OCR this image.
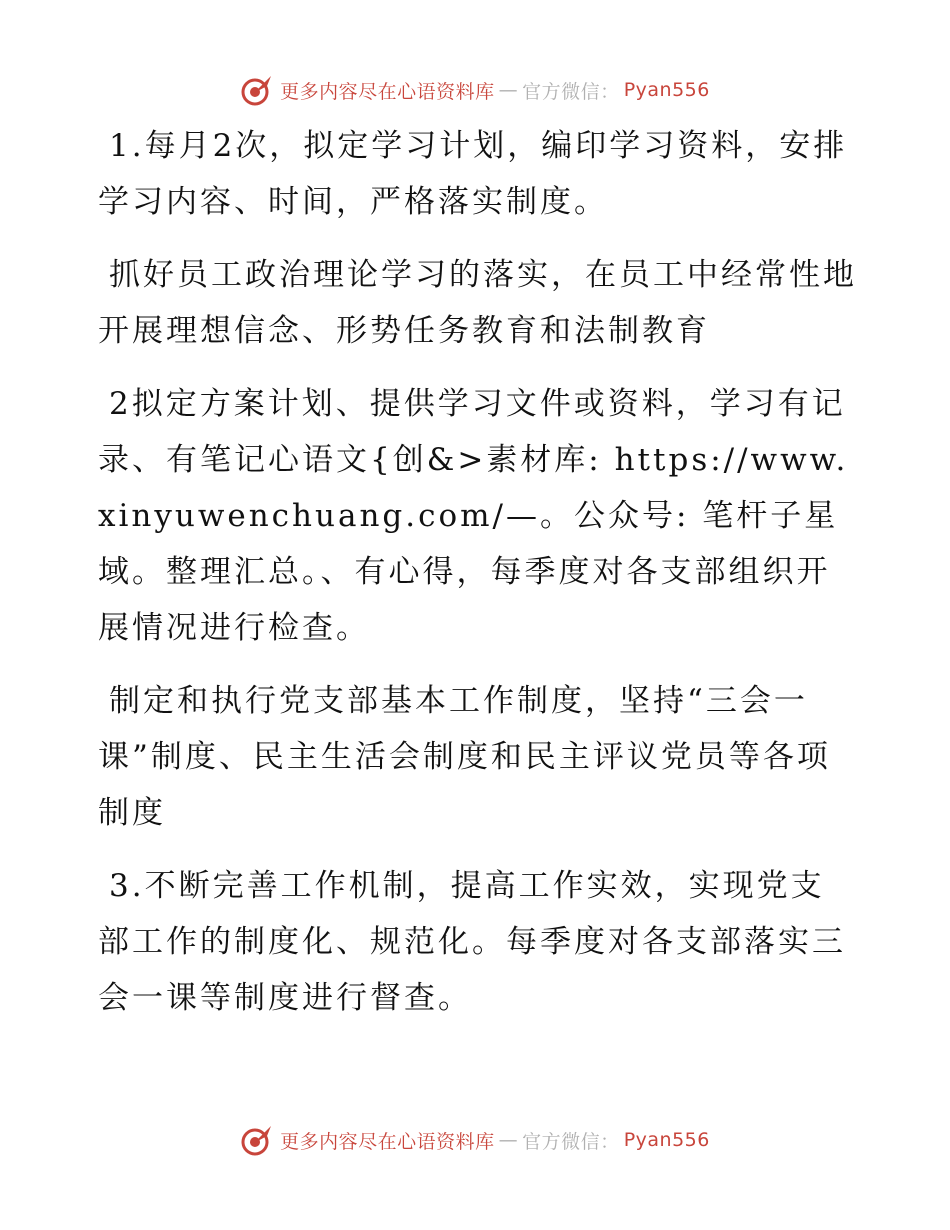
更多内容尽在心语资料库 — 官方微信： Pyan556

1.每月2次，拟定学习计划，编印学习资料，安排学习内容、时间，严格落实制度。

抓好员工政治理论学习的落实，在员工中经常性地开展理想信念、形势任务教育和法制教育

2拟定方案计划、提供学习文件或资料，学习有记录、有笔记心语文{创&>素材库: https://www.xinyuwenchuang.com/—。公众号: 笔杆子星域。整理汇总。、有心得，每季度对各支部组织开展情况进行检查。

制定和执行党支部基本工作制度，坚持“三会一课”制度、民主生活会制度和民主评议党员等各项制度

3.不断完善工作机制，提高工作实效，实现党支部工作的制度化、规范化。每季度对各支部落实三会一课等制度进行督查。

更多内容尽在心语资料库 — 官方微信： Pyan556
